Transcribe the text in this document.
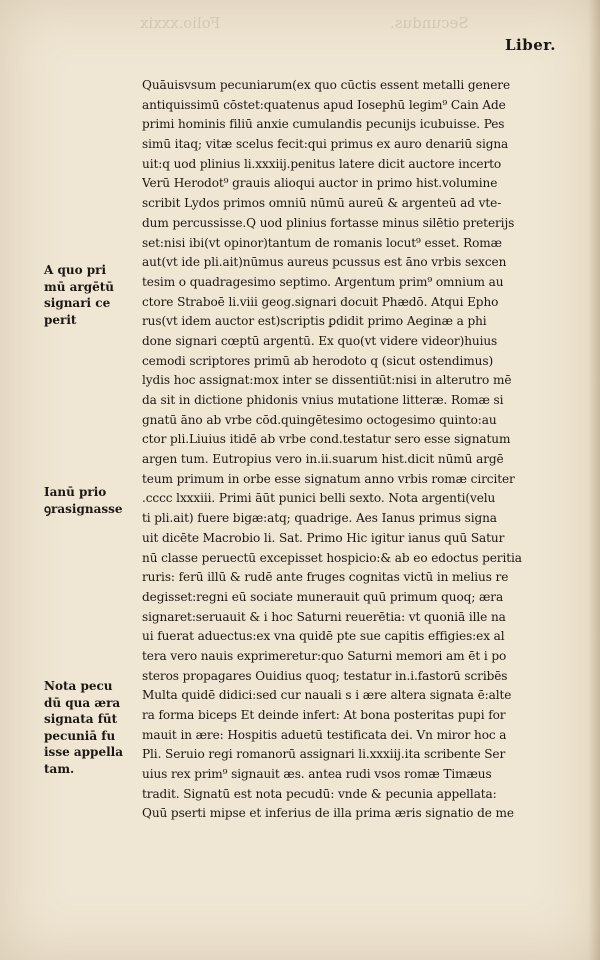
Folio.xxxix	Secundus.
Liber.
A quo pri
mū argētū
signari ce
perit
Ianū prio
ꝯrasignasse
Nota pecu
dū qua æra
signata fūt
pecuniā fu
isse appella
tam.
Quāuisvsum pecuniarum(ex quo cūctis essent metalli genere
antiquissimū cōstet:quatenus apud Iosephū legim⁹ Cain Ade
primi hominis filiū anxie cumulandis pecunijs icubuisse. Pes
simū itaq; vitæ scelus fecit:qui primus ex auro denariū signa
uit:q uod plinius li.xxxiij.penitus latere dicit auctore incerto
Verū Herodot⁹ grauis alioqui auctor in primo hist.volumine
scribit Lydos primos omniū nūmū aureū & argenteū ad vte-
dum percussisse.Q uod plinius fortasse minus silētio preterijs
set:nisi ibi(vt opinor)tantum de romanis locut⁹ esset. Romæ
aut(vt ide pli.ait)nūmus aureus pcussus est āno vrbis sexcen
tesim o quadragesimo septimo. Argentum prim⁹ omnium au
ctore Straboē li.viii geog.signari docuit Phædō. Atqui Epho
rus(vt idem auctor est)scriptis ꝑdidit primo Aeginæ a phi
done signari cœptū argentū. Ex quo(vt videre videor)huius
cemodi scriptores primū ab herodoto q (sicut ostendimus)
lydis hoc assignat:mox inter se dissentiūt:nisi in alterutro mē
da sit in dictione phidonis vnius mutatione litteræ. Romæ si
gnatū āno ab vrbe cōd.quingētesimo octogesimo quinto:au
ctor pli.Liuius itidē ab vrbe cond.testatur sero esse signatum
argen tum. Eutropius vero in.ii.suarum hist.dicit nūmū argē
teum primum in orbe esse signatum anno vrbis romæ circiter
.cccc lxxxiii. Primi āūt punici belli sexto. Nota argenti(velu
ti pli.ait) fuere bigæ:atq; quadrige. Aes Ianus primus signa
uit dicēte Macrobio li. Sat. Primo Hic igitur ianus quū Satur
nū classe peruectū excepisset hospicio:& ab eo edoctus peritia
ruris: ferū illū & rudē ante fruges cognitas victū in melius re
degisset:regni eū sociate munerauit quū primum quoq; æra
signaret:seruauit & i hoc Saturni reuerētia: vt quoniā ille na
ui fuerat aduectus:ex vna quidē pte sue capitis effigies:ex al
tera vero nauis exprimeretur:quo Saturni memori am ēt i po
steros propagares Ouidius quoq; testatur in.i.fastorū scribēs
Multa quidē didici:sed cur nauali s i ære altera signata ē:alte
ra forma biceps Et deinde infert: At bona posteritas pupi for
mauit in ære: Hospitis aduetū testificata dei. Vn miror hoc a
Pli. Seruio regi romanorū assignari li.xxxiij.ita scribente Ser
uius rex prim⁹ signauit æs. antea rudi vsos romæ Timæus
tradit. Signatū est nota pecudū: vnde & pecunia appellata:
Quū pserti mipse et inferius de illa prima æris signatio de me
